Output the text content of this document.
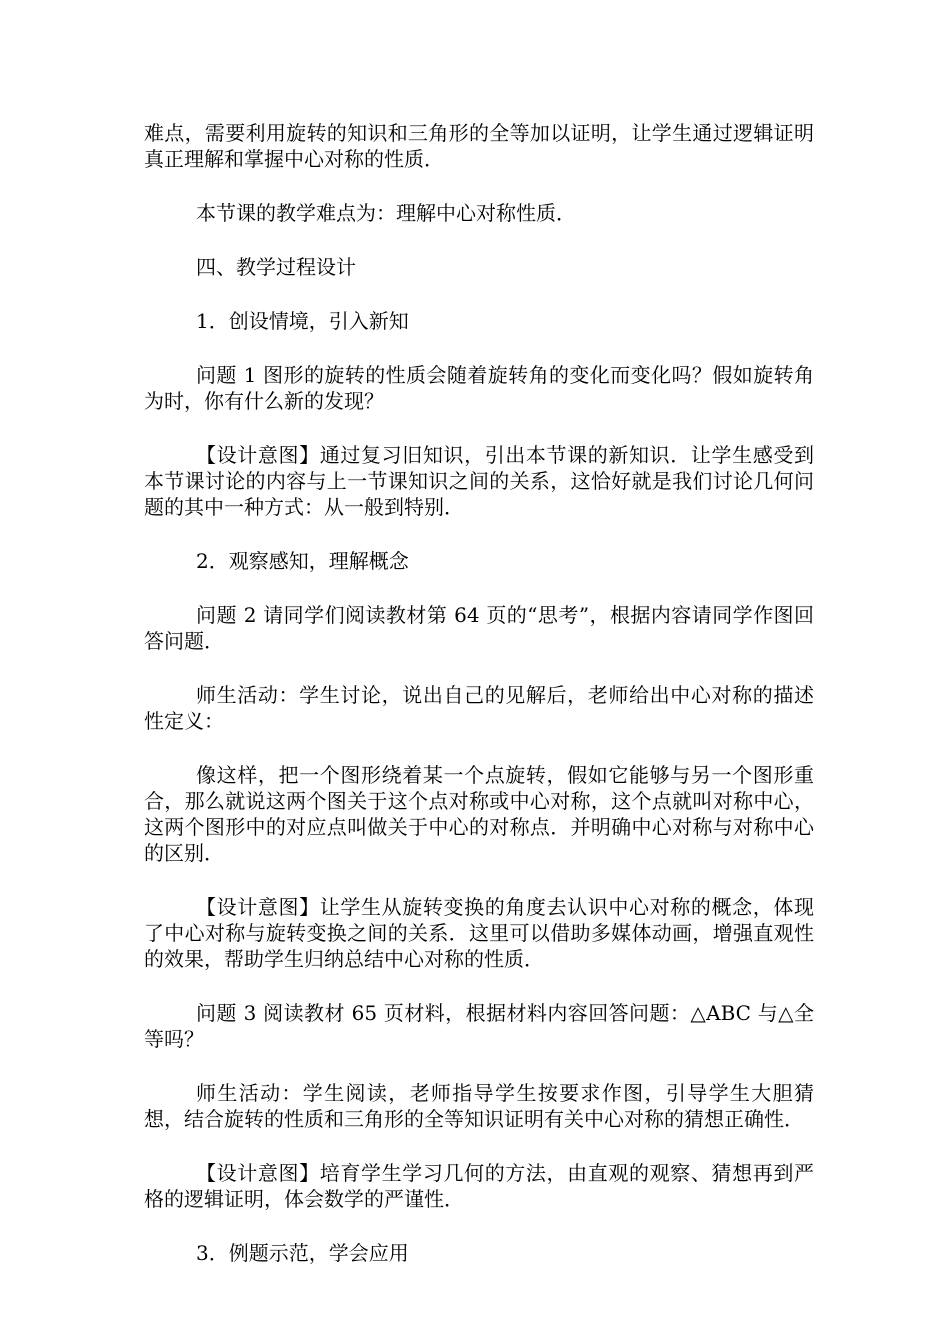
难点，需要利用旋转的知识和三角形的全等加以证明，让学生通过逻辑证明真正理解和掌握中心对称的性质．

本节课的教学难点为：理解中心对称性质．

四、教学过程设计

1．创设情境，引入新知

问题 1 图形的旋转的性质会随着旋转角的变化而变化吗？假如旋转角为时，你有什么新的发现？

【设计意图】通过复习旧知识，引出本节课的新知识．让学生感受到本节课讨论的内容与上一节课知识之间的关系，这恰好就是我们讨论几何问题的其中一种方式：从一般到特别．

2．观察感知，理解概念

问题 2 请同学们阅读教材第 64 页的“思考”，根据内容请同学作图回答问题．

师生活动：学生讨论，说出自己的见解后，老师给出中心对称的描述性定义：

像这样，把一个图形绕着某一个点旋转，假如它能够与另一个图形重合，那么就说这两个图关于这个点对称或中心对称，这个点就叫对称中心，这两个图形中的对应点叫做关于中心的对称点．并明确中心对称与对称中心的区别．

【设计意图】让学生从旋转变换的角度去认识中心对称的概念，体现了中心对称与旋转变换之间的关系．这里可以借助多媒体动画，增强直观性的效果，帮助学生归纳总结中心对称的性质．

问题 3 阅读教材 65 页材料，根据材料内容回答问题：△ABC 与△全等吗？

师生活动：学生阅读，老师指导学生按要求作图，引导学生大胆猜想，结合旋转的性质和三角形的全等知识证明有关中心对称的猜想正确性．

【设计意图】培育学生学习几何的方法，由直观的观察、猜想再到严格的逻辑证明，体会数学的严谨性．

3．例题示范，学会应用
